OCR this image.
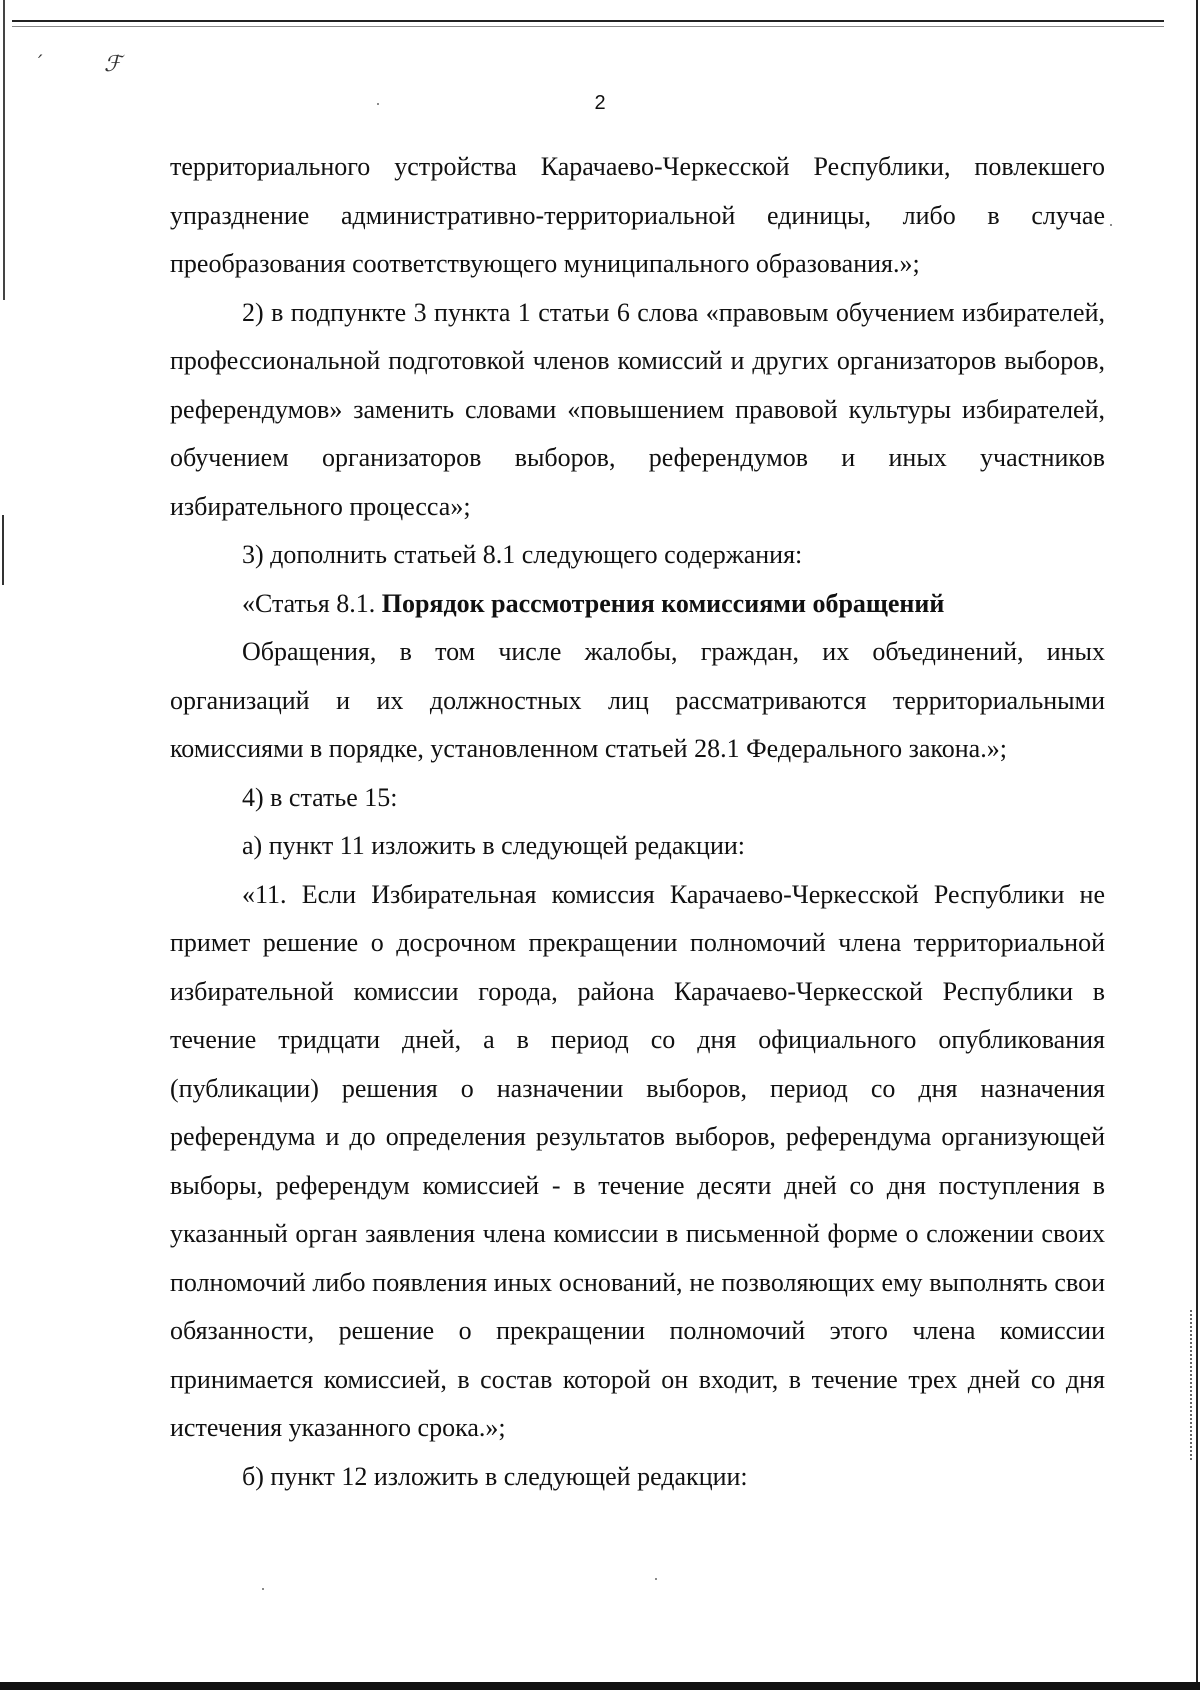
′	ℱ
2

территориального устройства Карачаево-Черкесской Республики, повлекшего упразднение административно-территориальной единицы, либо в случае преобразования соответствующего муниципального образования.»;

2) в подпункте 3 пункта 1 статьи 6 слова «правовым обучением избирателей, профессиональной подготовкой членов комиссий и других организаторов выборов, референдумов» заменить словами «повышением правовой культуры избирателей, обучением организаторов выборов, референдумов и иных участников избирательного процесса»;

3) дополнить статьей 8.1 следующего содержания:

«Статья 8.1. Порядок рассмотрения комиссиями обращений

Обращения, в том числе жалобы, граждан, их объединений, иных организаций и их должностных лиц рассматриваются территориальными комиссиями в порядке, установленном статьей 28.1 Федерального закона.»;

4) в статье 15:

а) пункт 11 изложить в следующей редакции:

«11. Если Избирательная комиссия Карачаево-Черкесской Республики не примет решение о досрочном прекращении полномочий члена территориальной избирательной комиссии города, района Карачаево-Черкесской Республики в течение тридцати дней, а в период со дня официального опубликования (публикации) решения о назначении выборов, период со дня назначения референдума и до определения результатов выборов, референдума организующей выборы, референдум комиссией - в течение десяти дней со дня поступления в указанный орган заявления члена комиссии в письменной форме о сложении своих полномочий либо появления иных оснований, не позволяющих ему выполнять свои обязанности, решение о прекращении полномочий этого члена комиссии принимается комиссией, в состав которой он входит, в течение трех дней со дня истечения указанного срока.»;

б) пункт 12 изложить в следующей редакции:
